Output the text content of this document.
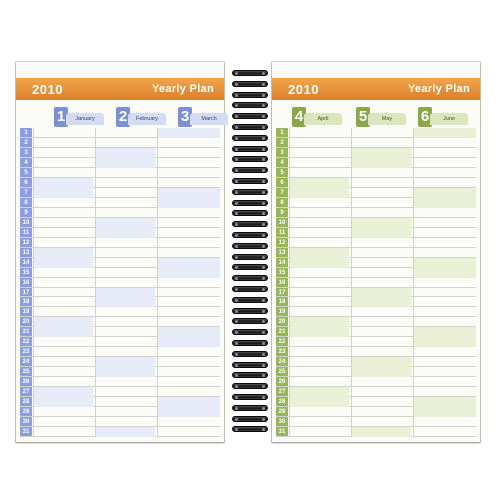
2010	Yearly Plan
1	January	2	February	3	March
1
2
3
4
5
6
7
8
9
10
11
12
13
14
15
16
17
18
19
20
21
22
23
24
25
26
27
28
29
30
31
2010	Yearly Plan
4	April	5	May	6	June
1
2
3
4
5
6
7
8
9
10
11
12
13
14
15
16
17
18
19
20
21
22
23
24
25
26
27
28
29
30
31
